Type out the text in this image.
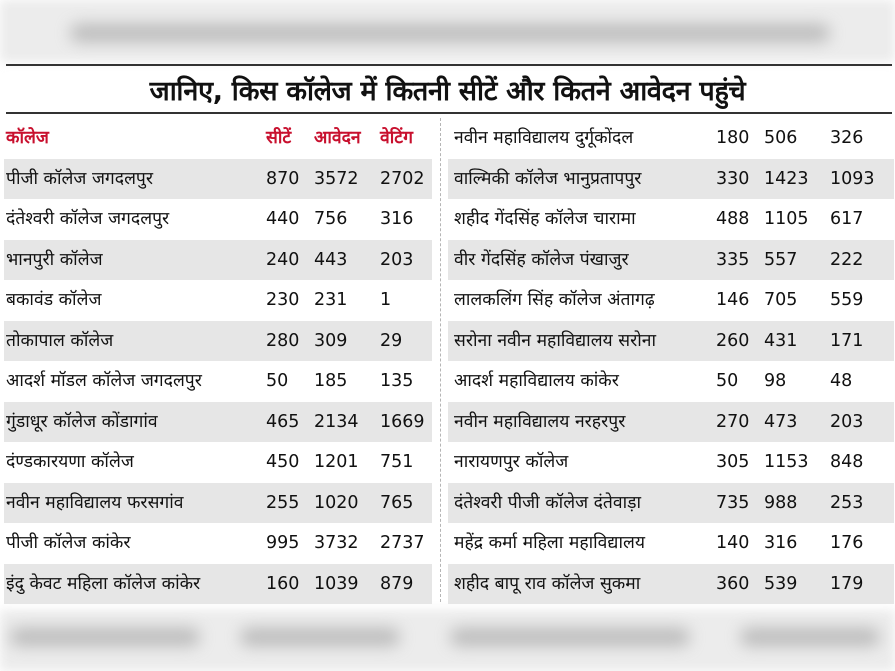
जानिए, किस कॉलेज में कितनी सीटें और कितने आवेदन पहुंचे
कॉलेज	सीटें आवेदन वेटिंग
पीजी कॉलेज जगदलपुर	870 3572 2702
दंतेश्वरी कॉलेज जगदलपुर	440 756 316
भानपुरी कॉलेज	240 443 203
बकावंड कॉलेज	230 231 1
तोकापाल कॉलेज	280 309 29
आदर्श मॉडल कॉलेज जगदलपुर	50 185 135
गुंडाधूर कॉलेज कोंडागांव	465 2134 1669
दंण्डकारयणा कॉलेज	450 1201 751
नवीन महाविद्यालय फरसगांव	255 1020 765
पीजी कॉलेज कांकेर	995 3732 2737
इंदु केवट महिला कॉलेज कांकेर	160 1039 879
नवीन महाविद्यालय दुर्गूकोंदल	180 506 326
वाल्मिकी कॉलेज भानुप्रतापपुर	330 1423 1093
शहीद गेंदसिंह कॉलेज चारामा	488 1105 617
वीर गेंदसिंह कॉलेज पंखाजुर	335 557 222
लालकलिंग सिंह कॉलेज अंतागढ़	146 705 559
सरोना नवीन महाविद्यालय सरोना	260 431 171
आदर्श महाविद्यालय कांकेर	50 98 48
नवीन महाविद्यालय नरहरपुर	270 473 203
नारायणपुर कॉलेज	305 1153 848
दंतेश्वरी पीजी कॉलेज दंतेवाड़ा	735 988 253
महेंद्र कर्मा महिला महाविद्यालय	140 316 176
शहीद बापू राव कॉलेज सुकमा	360 539 179
